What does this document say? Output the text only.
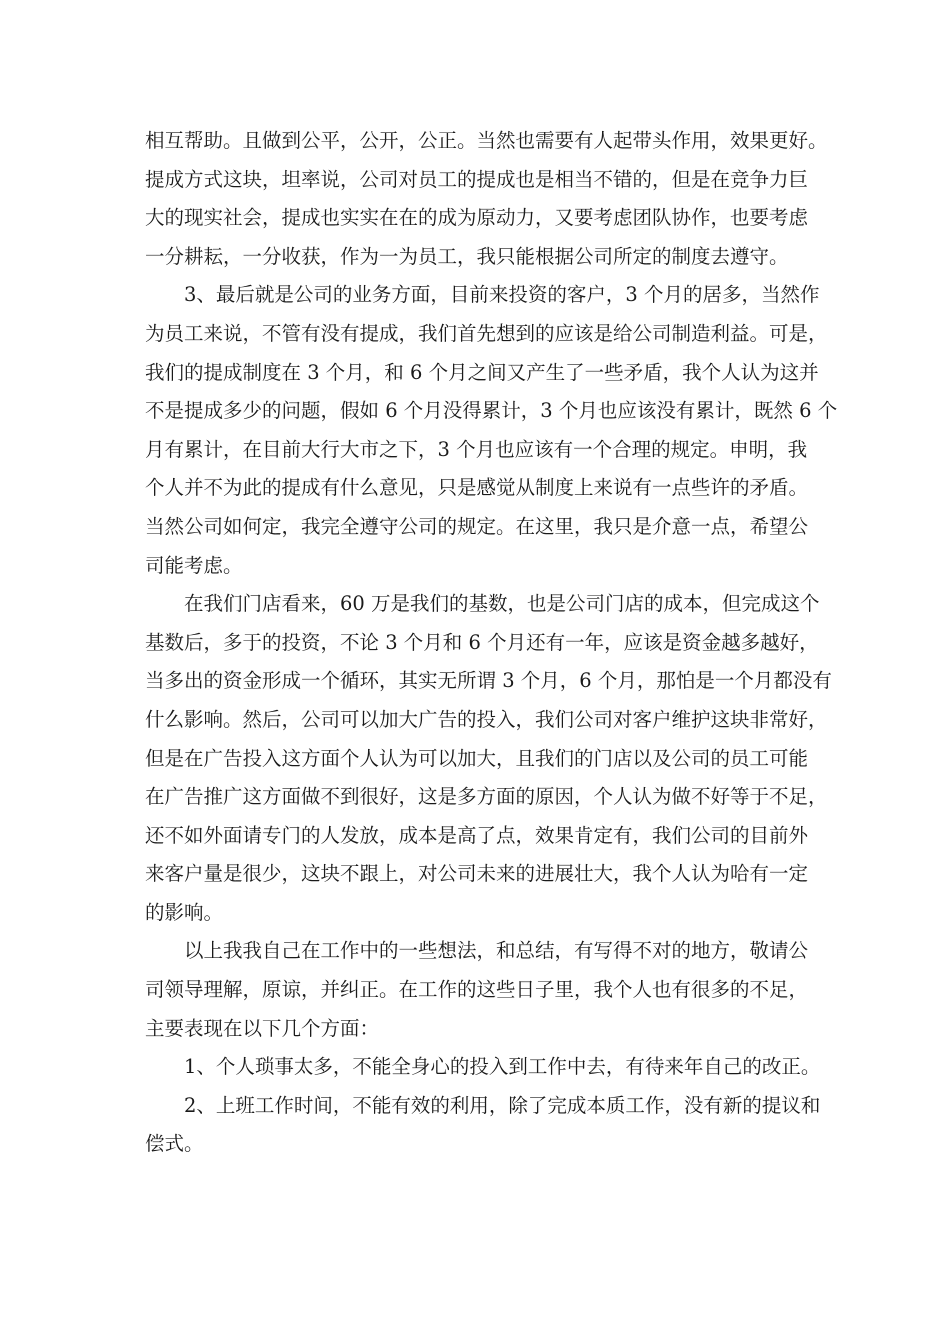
相互帮助。且做到公平，公开，公正。当然也需要有人起带头作用，效果更好。
提成方式这块，坦率说，公司对员工的提成也是相当不错的，但是在竞争力巨
大的现实社会，提成也实实在在的成为原动力，又要考虑团队协作，也要考虑
一分耕耘，一分收获，作为一为员工，我只能根据公司所定的制度去遵守。
3、最后就是公司的业务方面，目前来投资的客户，3 个月的居多，当然作
为员工来说，不管有没有提成，我们首先想到的应该是给公司制造利益。可是，
我们的提成制度在 3 个月，和 6 个月之间又产生了一些矛盾，我个人认为这并
不是提成多少的问题，假如 6 个月没得累计，3 个月也应该没有累计，既然 6 个
月有累计，在目前大行大市之下，3 个月也应该有一个合理的规定。申明，我
个人并不为此的提成有什么意见，只是感觉从制度上来说有一点些许的矛盾。
当然公司如何定，我完全遵守公司的规定。在这里，我只是介意一点，希望公
司能考虑。
在我们门店看来，60 万是我们的基数，也是公司门店的成本，但完成这个
基数后，多于的投资，不论 3 个月和 6 个月还有一年，应该是资金越多越好，
当多出的资金形成一个循环，其实无所谓 3 个月，6 个月，那怕是一个月都没有
什么影响。然后，公司可以加大广告的投入，我们公司对客户维护这块非常好，
但是在广告投入这方面个人认为可以加大，且我们的门店以及公司的员工可能
在广告推广这方面做不到很好，这是多方面的原因，个人认为做不好等于不足，
还不如外面请专门的人发放，成本是高了点，效果肯定有，我们公司的目前外
来客户量是很少，这块不跟上，对公司未来的进展壮大，我个人认为哈有一定
的影响。
以上我我自己在工作中的一些想法，和总结，有写得不对的地方，敬请公
司领导理解，原谅，并纠正。在工作的这些日子里，我个人也有很多的不足，
主要表现在以下几个方面：
1、个人琐事太多，不能全身心的投入到工作中去，有待来年自己的改正。
2、上班工作时间，不能有效的利用，除了完成本质工作，没有新的提议和
偿式。
